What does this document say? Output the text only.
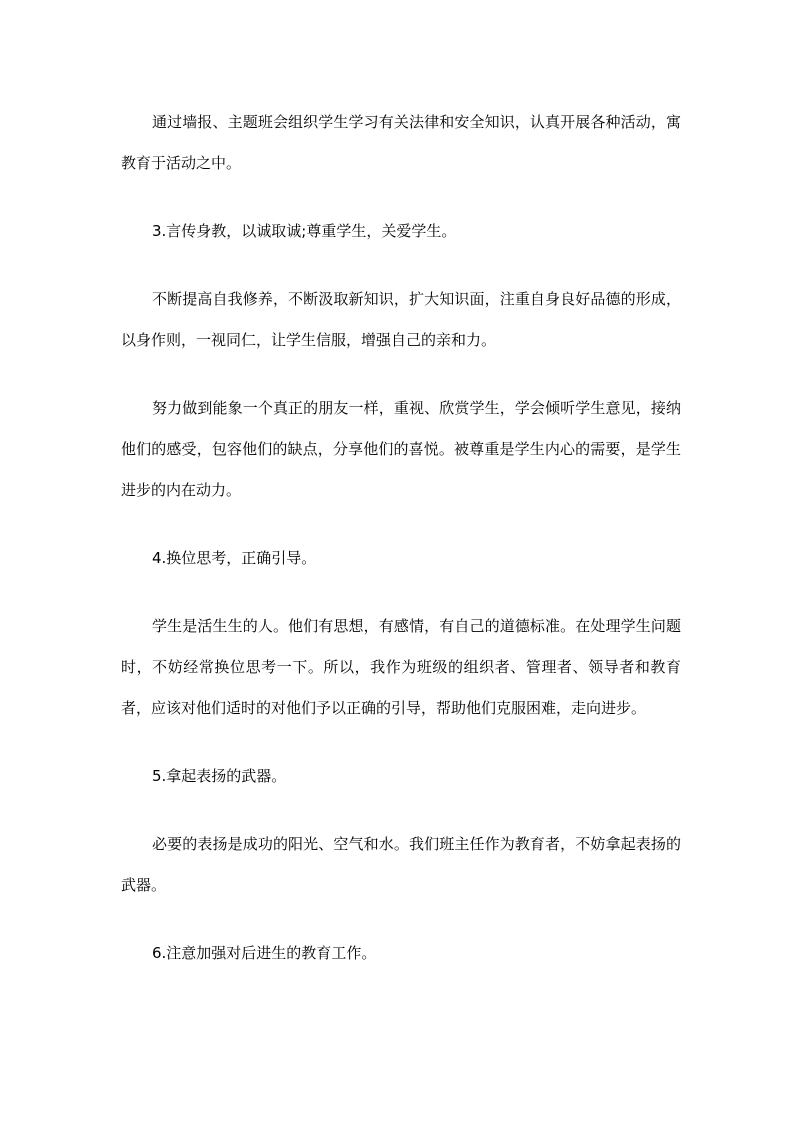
通过墙报、主题班会组织学生学习有关法律和安全知识，认真开展各种活动，寓教育于活动之中。

3.言传身教，以诚取诚;尊重学生，关爱学生。

不断提高自我修养，不断汲取新知识，扩大知识面，注重自身良好品德的形成，以身作则，一视同仁，让学生信服，增强自己的亲和力。

努力做到能象一个真正的朋友一样，重视、欣赏学生，学会倾听学生意见，接纳他们的感受，包容他们的缺点，分享他们的喜悦。被尊重是学生内心的需要，是学生进步的内在动力。

4.换位思考，正确引导。

学生是活生生的人。他们有思想，有感情，有自己的道德标准。在处理学生问题时，不妨经常换位思考一下。所以，我作为班级的组织者、管理者、领导者和教育者，应该对他们适时的对他们予以正确的引导，帮助他们克服困难，走向进步。

5.拿起表扬的武器。

必要的表扬是成功的阳光、空气和水。我们班主任作为教育者，不妨拿起表扬的武器。

6.注意加强对后进生的教育工作。
